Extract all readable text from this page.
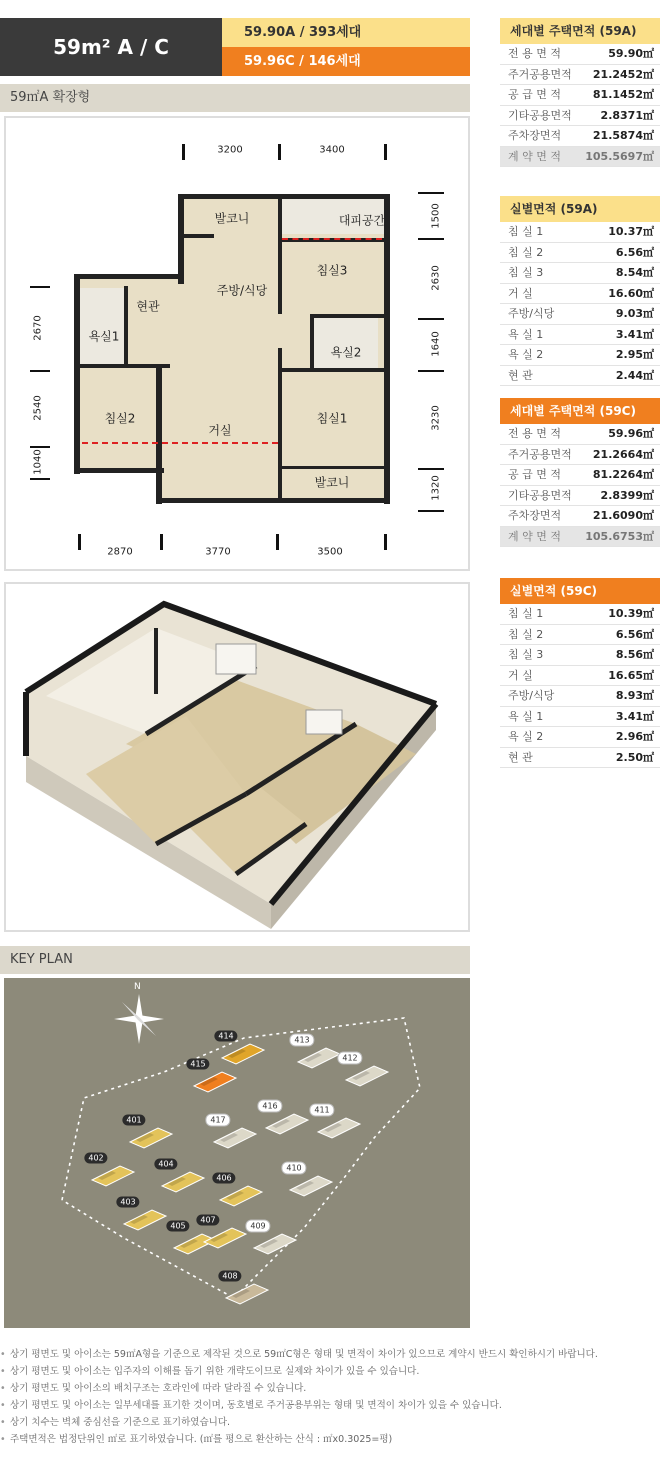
59m² A / C
59.90A / 393세대
59.96C / 146세대
59㎡A 확장형
3200	3400
2670
2540
1040
1500
2630
1640
3230
1320
2870	3770	3500
발코니	대피공간
주방/식당
침실3
현관
욕실1
욕실2
침실2
거실
침실1
발코니
세대별 주택면적 (59A)
전 용 면 적	59.90㎡
주거공용면적 21.2452㎡
공 급 면 적	81.1452㎡
기타공용면적	2.8371㎡
주차장면적	21.5874㎡
계 약 면 적 105.5697㎡
실별면적 (59A)
침 실 1	10.37㎡
침 실 2	6.56㎡
침 실 3	8.54㎡
거 실	16.60㎡
주방/식당	9.03㎡
욕 실 1	3.41㎡
욕 실 2	2.95㎡
현 관	2.44㎡
세대별 주택면적 (59C)
전 용 면 적	59.96㎡
주거공용면적 21.2664㎡
공 급 면 적	81.2264㎡
기타공용면적	2.8399㎡
주차장면적	21.6090㎡
계 약 면 적 105.6753㎡
실별면적 (59C)
침 실 1	10.39㎡
침 실 2	6.56㎡
침 실 3	8.56㎡
거 실	16.65㎡
주방/식당	8.93㎡
욕 실 1	3.41㎡
욕 실 2	2.96㎡
현 관	2.50㎡
KEY PLAN
N
414
415
413
412
401	417
416	411
402
404
406
410
403
405
407
409
408
• 상기 평면도 및 아이소는 59㎡A형을 기준으로 제작된 것으로 59㎡C형은 형태 및 면적이 차이가 있으므로 계약시 반드시 확인하시기 바랍니다.
• 상기 평면도 및 아이소는 입주자의 이해를 돕기 위한 개략도이므로 실제와 차이가 있을 수 있습니다.
• 상기 평면도 및 아이소의 배치구조는 호라인에 따라 달라질 수 있습니다.
• 상기 평면도 및 아이소는 일부세대를 표기한 것이며, 동호별로 주거공용부위는 형태 및 면적이 차이가 있을 수 있습니다.
• 상기 치수는 벽체 중심선을 기준으로 표기하였습니다.
• 주택면적은 법정단위인 ㎡로 표기하였습니다. (㎡를 평으로 환산하는 산식 : ㎡x0.3025=평)
